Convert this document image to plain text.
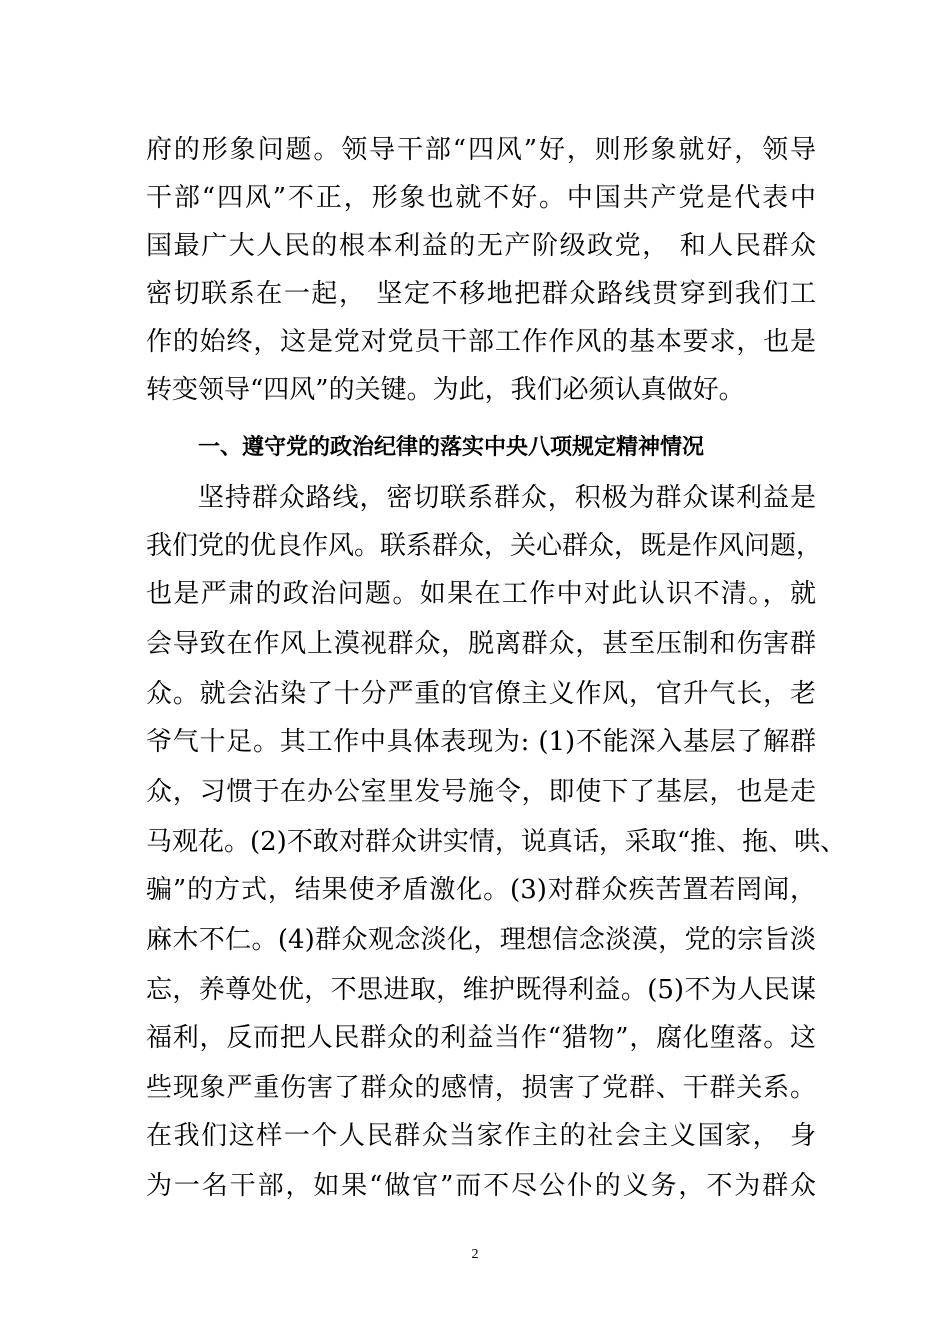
府的形象问题。领导干部“四风”好，则形象就好，领导
干部“四风”不正，形象也就不好。中国共产党是代表中
国最广大人民的根本利益的无产阶级政党， 和人民群众
密切联系在一起， 坚定不移地把群众路线贯穿到我们工
作的始终，这是党对党员干部工作作风的基本要求，也是
转变领导“四风”的关键。为此，我们必须认真做好。
一、遵守党的政治纪律的落实中央八项规定精神情况
坚持群众路线，密切联系群众，积极为群众谋利益是
我们党的优良作风。联系群众，关心群众，既是作风问题，
也是严肃的政治问题。如果在工作中对此认识不清。，就
会导致在作风上漠视群众，脱离群众，甚至压制和伤害群
众。就会沾染了十分严重的官僚主义作风，官升气长，老
爷气十足。其工作中具体表现为: (1)不能深入基层了解群
众，习惯于在办公室里发号施令，即使下了基层，也是走
马观花。(2)不敢对群众讲实情，说真话，采取“推、拖、哄、
骗”的方式，结果使矛盾激化。(3)对群众疾苦置若罔闻，
麻木不仁。(4)群众观念淡化，理想信念淡漠，党的宗旨淡
忘，养尊处优，不思进取，维护既得利益。(5)不为人民谋
福利，反而把人民群众的利益当作“猎物”，腐化堕落。这
些现象严重伤害了群众的感情，损害了党群、干群关系。
在我们这样一个人民群众当家作主的社会主义国家， 身
为一名干部，如果“做官”而不尽公仆的义务，不为群众
2
